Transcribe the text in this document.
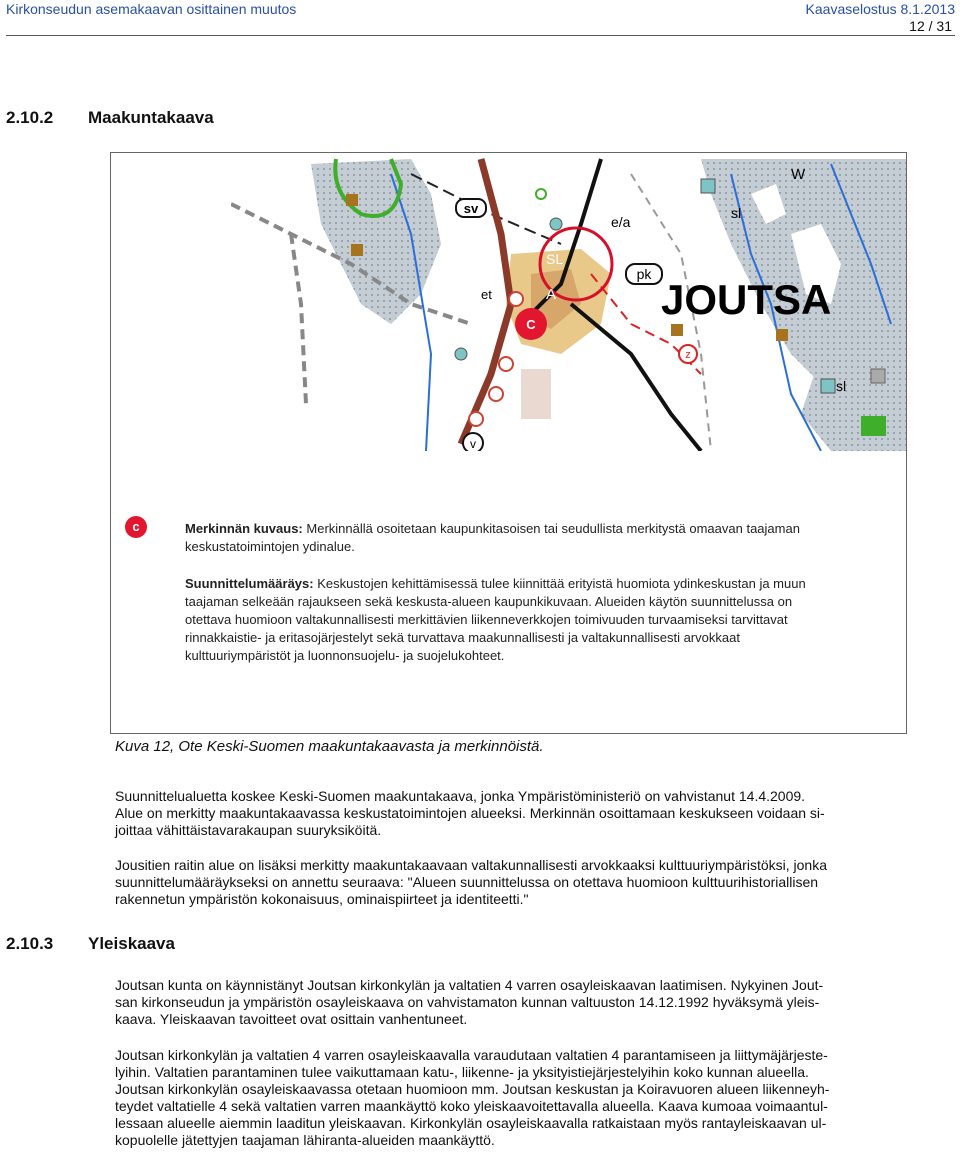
Kirkonseudun asemakaavan osittainen muutos	Kaavaselostus 8.1.2013
12 / 31
2.10.2 Maakuntakaava
C
sv
pk
v
z
e/a
sl
W
SL
et	A JOUTSA
sl
c	Merkinnän kuvaus: Merkinnällä osoitetaan kaupunkitasoisen tai seudullista merkitystä omaavan taajaman
keskustatoimintojen ydinalue.
Suunnittelumääräys: Keskustojen kehittämisessä tulee kiinnittää erityistä huomiota ydinkeskustan ja muun
taajaman selkeään rajaukseen sekä keskusta-alueen kaupunkikuvaan. Alueiden käytön suunnittelussa on
otettava huomioon valtakunnallisesti merkittävien liikenneverkkojen toimivuuden turvaamiseksi tarvittavat
rinnakkaistie- ja eritasojärjestelyt sekä turvattava maakunnallisesti ja valtakunnallisesti arvokkaat
kulttuuriympäristöt ja luonnonsuojelu- ja suojelukohteet.
Kuva 12, Ote Keski-Suomen maakuntakaavasta ja merkinnöistä.
Suunnittelualuetta koskee Keski-Suomen maakuntakaava, jonka Ympäristöministeriö on vahvistanut 14.4.2009.
Alue on merkitty maakuntakaavassa keskustatoimintojen alueeksi. Merkinnän osoittamaan keskukseen voidaan si-
joittaa vähittäistavarakaupan suuryksiköitä.
Jousitien raitin alue on lisäksi merkitty maakuntakaavaan valtakunnallisesti arvokkaaksi kulttuuriympäristöksi, jonka
suunnittelumääräykseksi on annettu seuraava: "Alueen suunnittelussa on otettava huomioon kulttuurihistoriallisen
rakennetun ympäristön kokonaisuus, ominaispiirteet ja identiteetti."
2.10.3 Yleiskaava
Joutsan kunta on käynnistänyt Joutsan kirkonkylän ja valtatien 4 varren osayleiskaavan laatimisen. Nykyinen Jout-
san kirkonseudun ja ympäristön osayleiskaava on vahvistamaton kunnan valtuuston 14.12.1992 hyväksymä yleis-
kaava. Yleiskaavan tavoitteet ovat osittain vanhentuneet.
Joutsan kirkonkylän ja valtatien 4 varren osayleiskaavalla varaudutaan valtatien 4 parantamiseen ja liittymäjärjeste-
lyihin. Valtatien parantaminen tulee vaikuttamaan katu-, liikenne- ja yksityistiejärjestelyihin koko kunnan alueella.
Joutsan kirkonkylän osayleiskaavassa otetaan huomioon mm. Joutsan keskustan ja Koiravuoren alueen liikenneyh-
teydet valtatielle 4 sekä valtatien varren maankäyttö koko yleiskaavoitettavalla alueella. Kaava kumoaa voimaantul-
lessaan alueelle aiemmin laaditun yleiskaavan. Kirkonkylän osayleiskaavalla ratkaistaan myös rantayleiskaavan ul-
kopuolelle jätettyjen taajaman lähiranta-alueiden maankäyttö.
